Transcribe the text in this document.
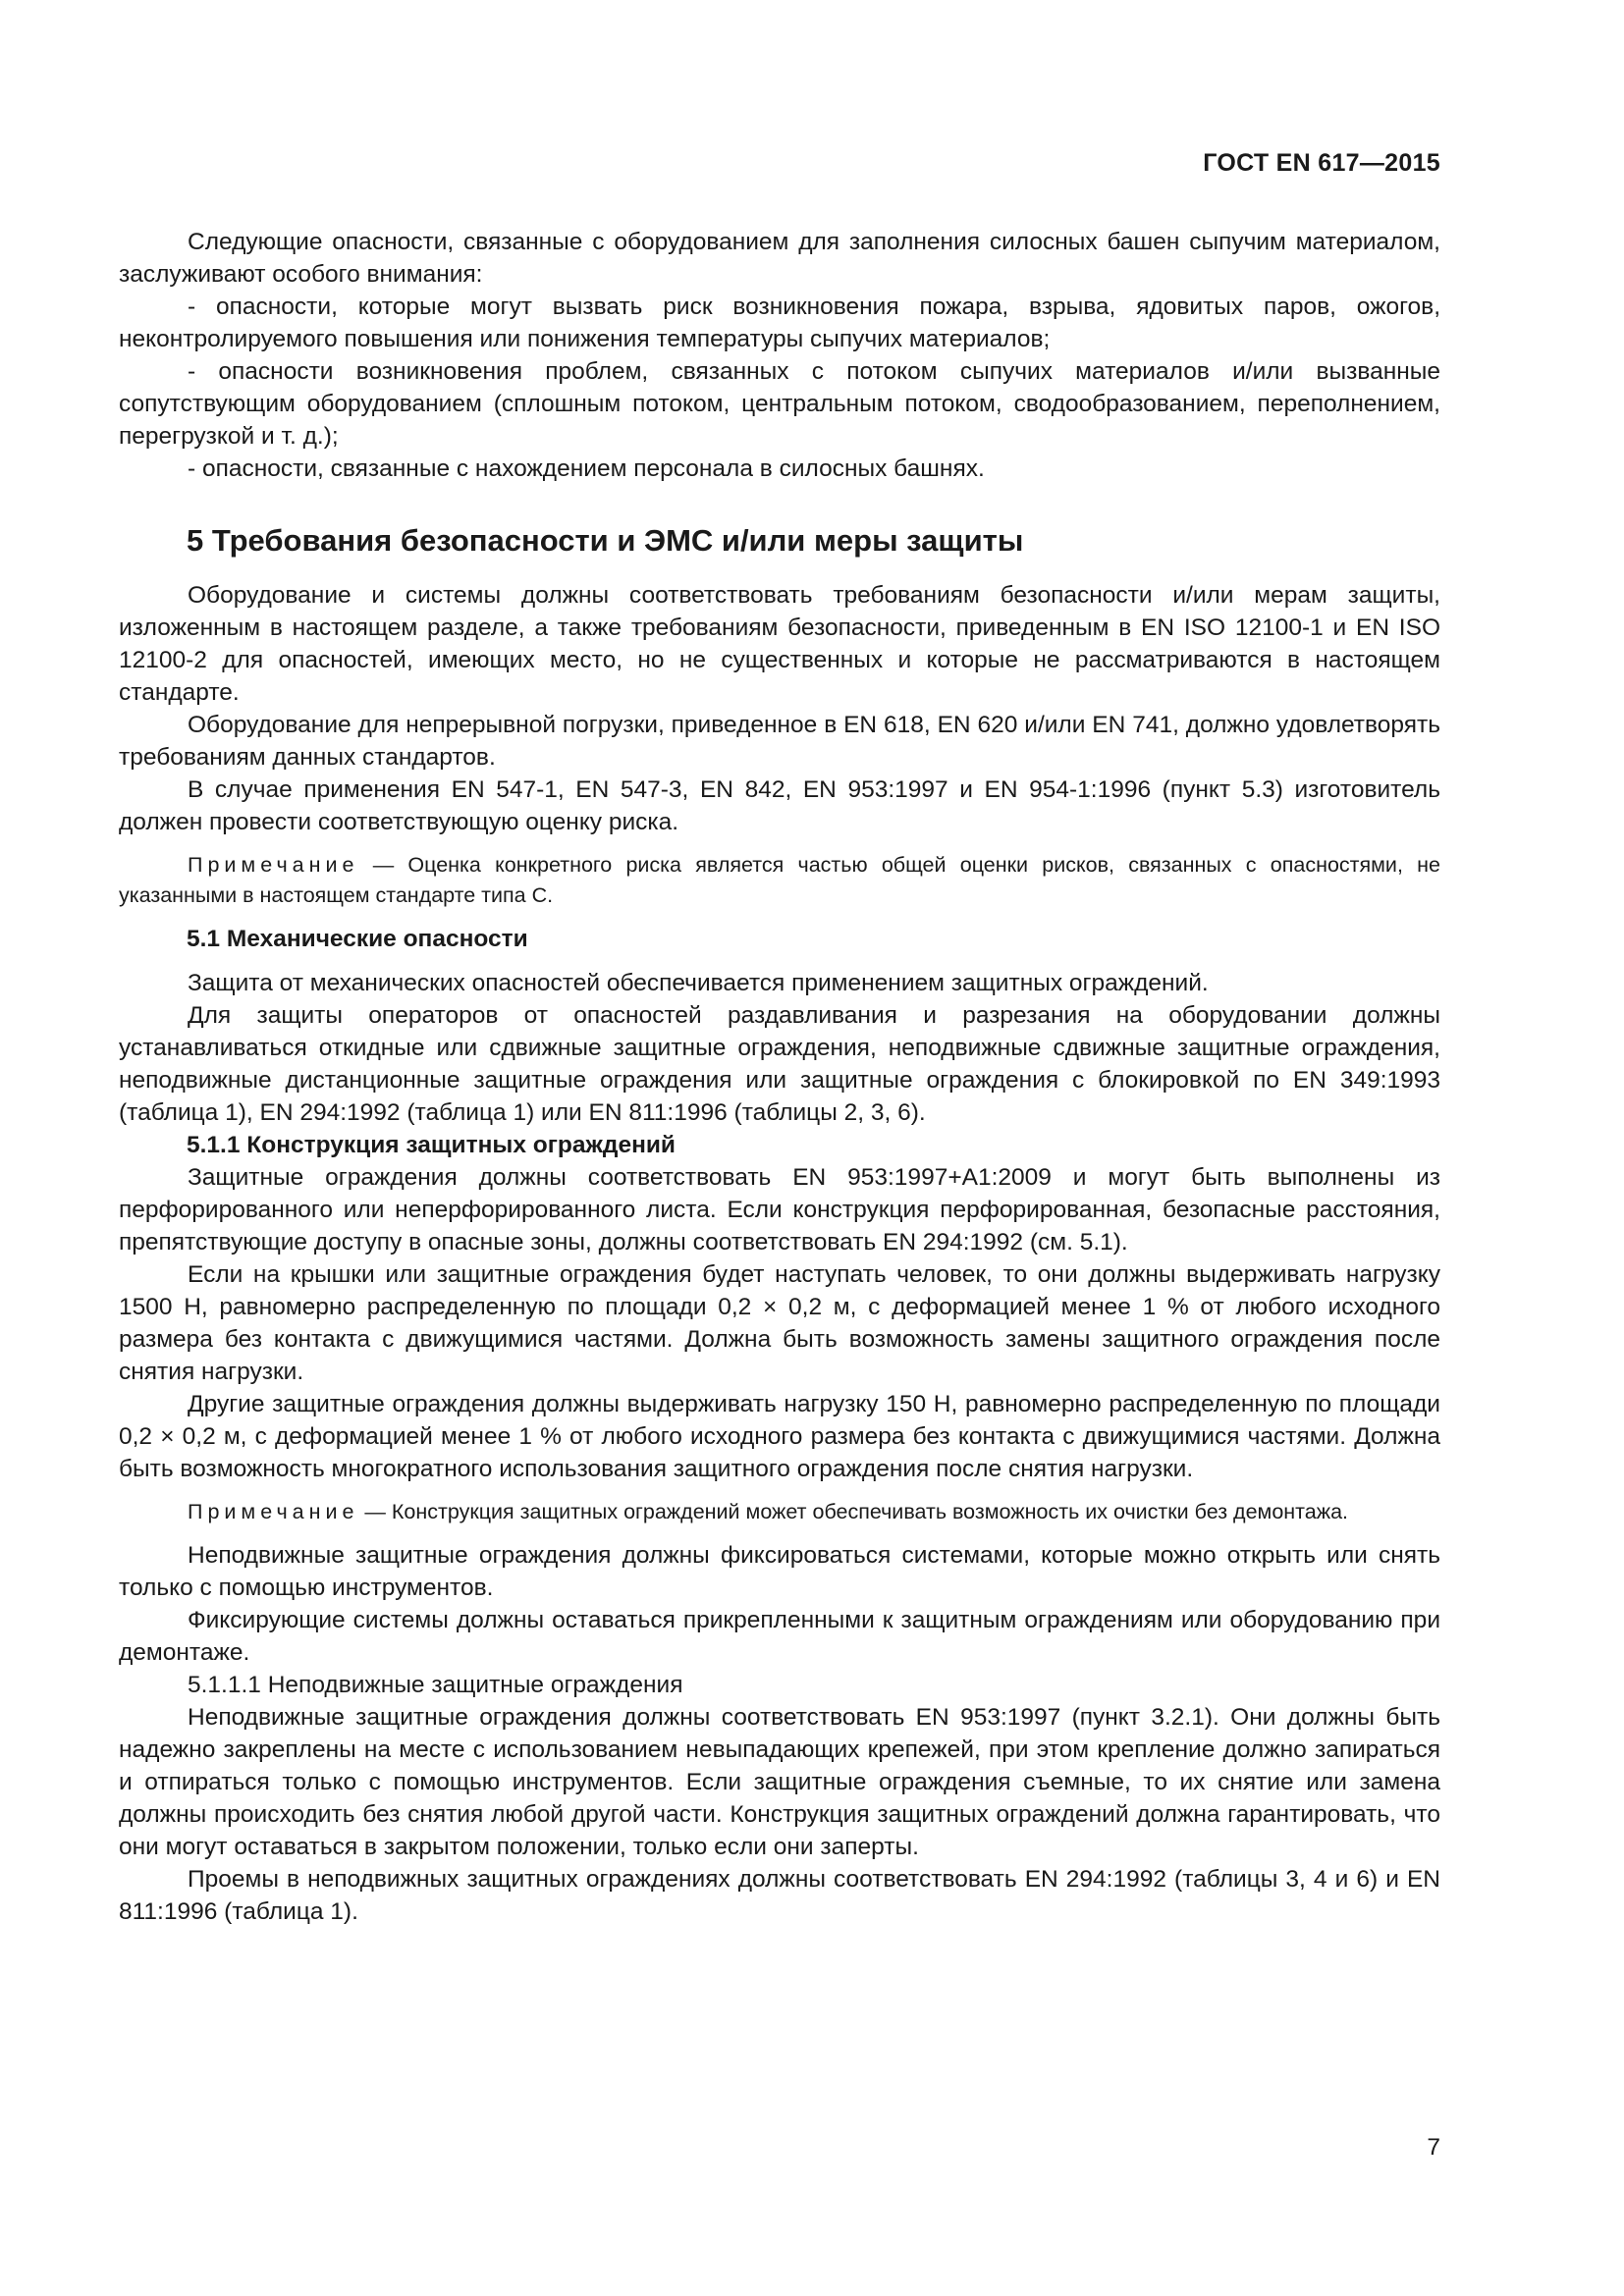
ГОСТ EN 617—2015

Следующие опасности, связанные с оборудованием для заполнения силосных башен сыпучим материалом, заслуживают особого внимания:

- опасности, которые могут вызвать риск возникновения пожара, взрыва, ядовитых паров, ожогов, неконтролируемого повышения или понижения температуры сыпучих материалов;

- опасности возникновения проблем, связанных с потоком сыпучих материалов и/или вызванные сопутствующим оборудованием (сплошным потоком, центральным потоком, сводообразованием, переполнением, перегрузкой и т. д.);

- опасности, связанные с нахождением персонала в силосных башнях.

5 Требования безопасности и ЭМС и/или меры защиты

Оборудование и системы должны соответствовать требованиям безопасности и/или мерам защиты, изложенным в настоящем разделе, а также требованиям безопасности, приведенным в EN ISO 12100-1 и EN ISO 12100-2 для опасностей, имеющих место, но не существенных и которые не рассматриваются в настоящем стандарте.

Оборудование для непрерывной погрузки, приведенное в EN 618, EN 620 и/или EN 741, должно удовлетворять требованиям данных стандартов.

В случае применения EN 547-1, EN 547-3, EN 842, EN 953:1997 и EN 954-1:1996 (пункт 5.3) изготовитель должен провести соответствующую оценку риска.

Примечание — Оценка конкретного риска является частью общей оценки рисков, связанных с опасностями, не указанными в настоящем стандарте типа С.
5.1 Механические опасности

Защита от механических опасностей обеспечивается применением защитных ограждений.

Для защиты операторов от опасностей раздавливания и разрезания на оборудовании должны устанавливаться откидные или сдвижные защитные ограждения, неподвижные сдвижные защитные ограждения, неподвижные дистанционные защитные ограждения или защитные ограждения с блокировкой по EN 349:1993 (таблица 1), EN 294:1992 (таблица 1) или EN 811:1996 (таблицы 2, 3, 6).

5.1.1 Конструкция защитных ограждений

Защитные ограждения должны соответствовать EN 953:1997+A1:2009 и могут быть выполнены из перфорированного или неперфорированного листа. Если конструкция перфорированная, безопасные расстояния, препятствующие доступу в опасные зоны, должны соответствовать EN 294:1992 (см. 5.1).

Если на крышки или защитные ограждения будет наступать человек, то они должны выдерживать нагрузку 1500 Н, равномерно распределенную по площади 0,2 × 0,2 м, с деформацией менее 1 % от любого исходного размера без контакта с движущимися частями. Должна быть возможность замены защитного ограждения после снятия нагрузки.

Другие защитные ограждения должны выдерживать нагрузку 150 Н, равномерно распределенную по площади 0,2 × 0,2 м, с деформацией менее 1 % от любого исходного размера без контакта с движущимися частями. Должна быть возможность многократного использования защитного ограждения после снятия нагрузки.

Примечание — Конструкция защитных ограждений может обеспечивать возможность их очистки без демонтажа.

Неподвижные защитные ограждения должны фиксироваться системами, которые можно открыть или снять только с помощью инструментов.

Фиксирующие системы должны оставаться прикрепленными к защитным ограждениям или оборудованию при демонтаже.

5.1.1.1 Неподвижные защитные ограждения

Неподвижные защитные ограждения должны соответствовать EN 953:1997 (пункт 3.2.1). Они должны быть надежно закреплены на месте с использованием невыпадающих крепежей, при этом крепление должно запираться и отпираться только с помощью инструментов. Если защитные ограждения съемные, то их снятие или замена должны происходить без снятия любой другой части. Конструкция защитных ограждений должна гарантировать, что они могут оставаться в закрытом положении, только если они заперты.

Проемы в неподвижных защитных ограждениях должны соответствовать EN 294:1992 (таблицы 3, 4 и 6) и EN 811:1996 (таблица 1).

7
